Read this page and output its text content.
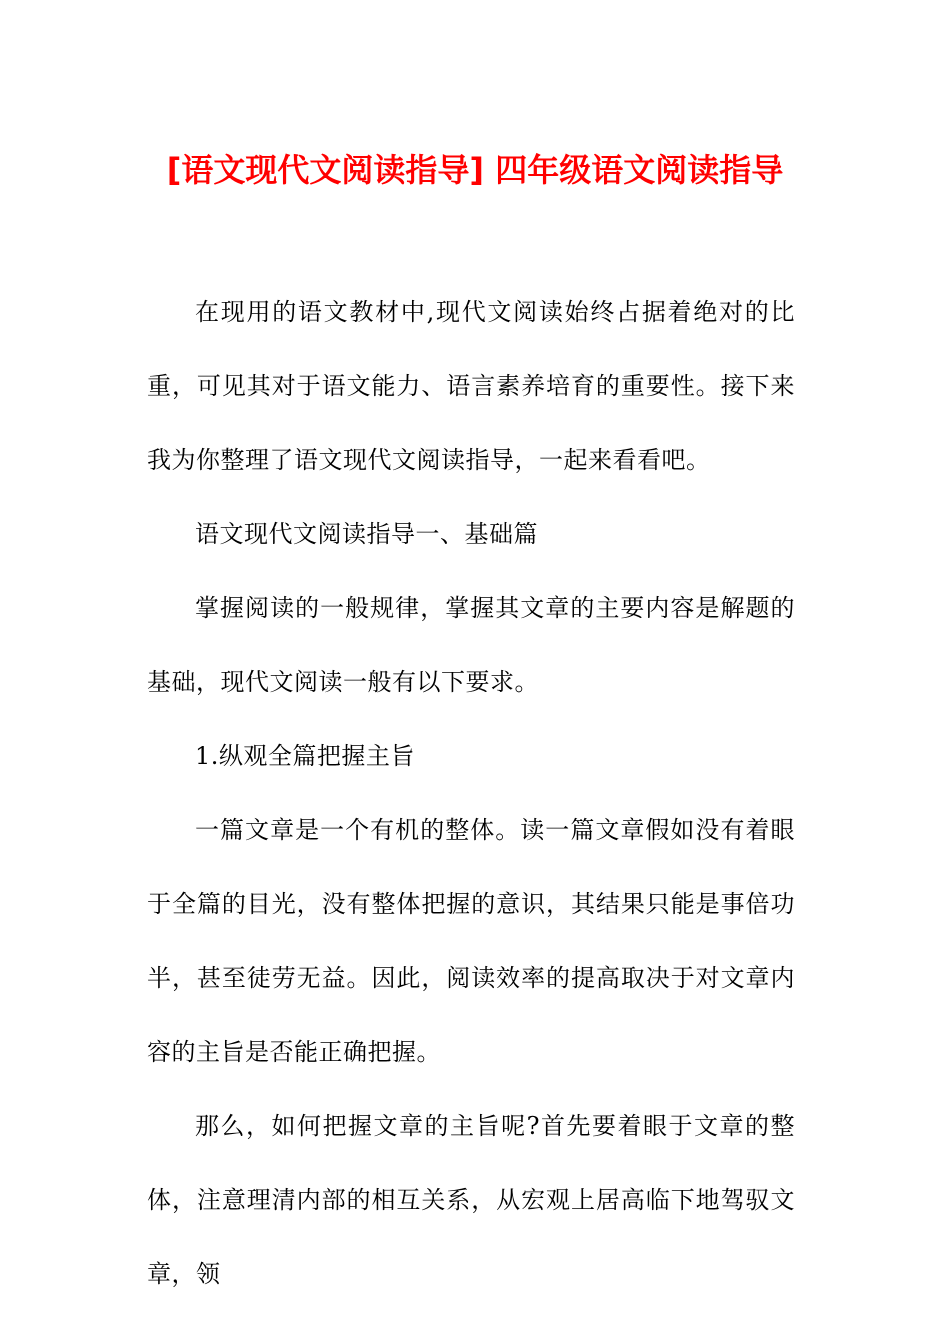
[语文现代文阅读指导] 四年级语文阅读指导

在现用的语文教材中,现代文阅读始终占据着绝对的比重，可见其对于语文能力、语言素养培育的重要性。接下来我为你整理了语文现代文阅读指导，一起来看看吧。

语文现代文阅读指导一、基础篇

掌握阅读的一般规律，掌握其文章的主要内容是解题的基础，现代文阅读一般有以下要求。

1.纵观全篇把握主旨

一篇文章是一个有机的整体。读一篇文章假如没有着眼于全篇的目光，没有整体把握的意识，其结果只能是事倍功半，甚至徒劳无益。因此，阅读效率的提高取决于对文章内容的主旨是否能正确把握。

那么，如何把握文章的主旨呢?首先要着眼于文章的整体，注意理清内部的相互关系，从宏观上居高临下地驾驭文章，领
